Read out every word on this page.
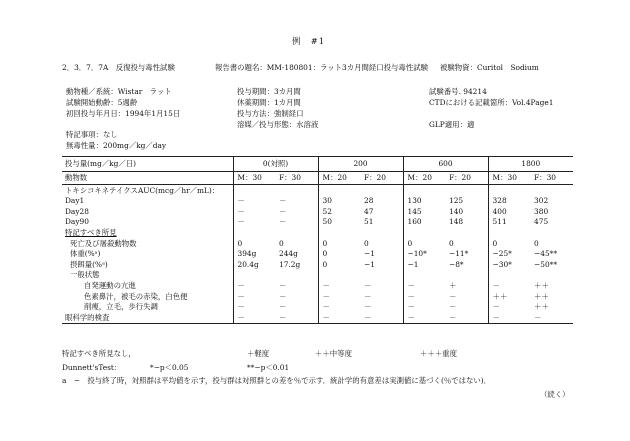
例　#1
2．3．7．7A　反復投与毒性試験	報告書の題名：MM-180801：ラット3カ月間経口投与毒性試験 被験物資：Curitol　Sodium
動物種／系統：Wistar　ラット
試験開始動齢：5週齢
初回投与年月日：1994年1月15日
投与期間：3カ月間
休薬期間：1カ月間
投与方法：強制経口
溶媒／投与形態：水溶液
試験番号. 94214
CTDにおける記載箇所：Vol.4Page1
GLP適用：適
特記事項：なし
無毒性量：200mg／kg／day
投与量(mg／kg／日)	0(対照)		200		600		1800	
動物数	M：30	F：30	M：20	F：20	M：20	F：20	M：30	F：30
トキシコキネテイクスAUC(mcg／hr／mL)：								
Day1	－	－	30	28	130	125	328	302
Day28	－	－	52	47	145	140	400	380
Day90	－	－	50	51	160	148	511	475
特記すべき所見								
死亡及び屠殺動物数	0	0	0	0	0	0	0	0
体重(%ᵃ)	394g	244g	0	−1	−10*	−11*	−25*	−45**
摂餌量(%ᵃ)	20.4g	17.2g	0	−1	−1	−8*	−30*	−50**
一般状態								
自発運動の亢進	－	－	－	－	－	＋	－	＋＋
色素鼻汁，被毛の赤染，白色便	－	－	－	－	－	－	＋＋	＋＋
削痩，立毛，歩行失調	－	－	－	－	－	－	－	＋＋
眼科学的検査	－	－	－	－	－	－	－	－
特記すべき所見なし，	＋軽度	＋＋中等度	＋＋＋重度
Dunnett'sTest：	*−p＜0.05	**−p＜0.01
a　−　投与終了時，対照群は平均値を示す，投与群は対照群との差を％で示す．統計学的有意差は実測値に基づく(％ではない)．
（続く）
